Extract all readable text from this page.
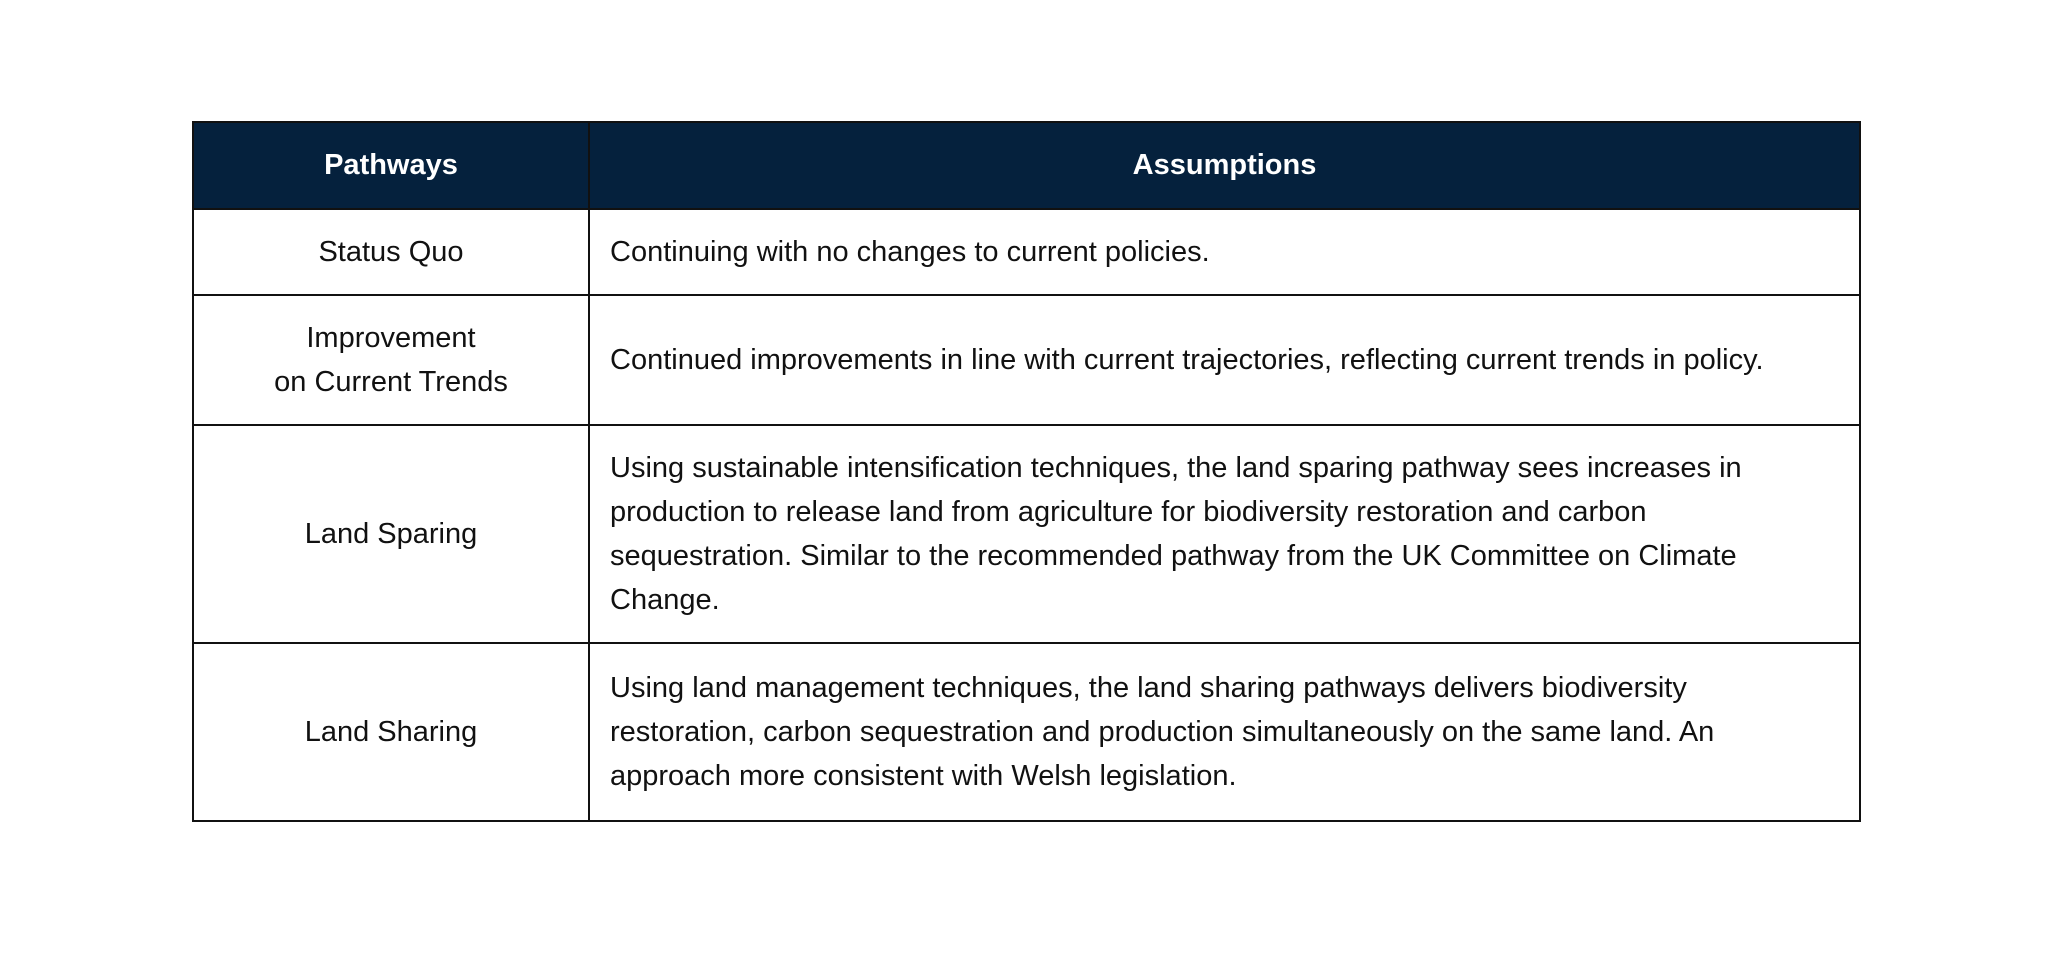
Pathways	Assumptions

Status Quo	Continuing with no changes to current policies.

Improvement
on Current Trends	Continued improvements in line with current trajectories, reflecting current trends in policy.

Land Sparing	Using sustainable intensification techniques, the land sparing pathway sees increases in production to release land from agriculture for biodiversity restoration and carbon sequestration. Similar to the recommended pathway from the UK Committee on Climate Change.

Land Sharing	Using land management techniques, the land sharing pathways delivers biodiversity restoration, carbon sequestration and production simultaneously on the same land. An approach more consistent with Welsh legislation.
